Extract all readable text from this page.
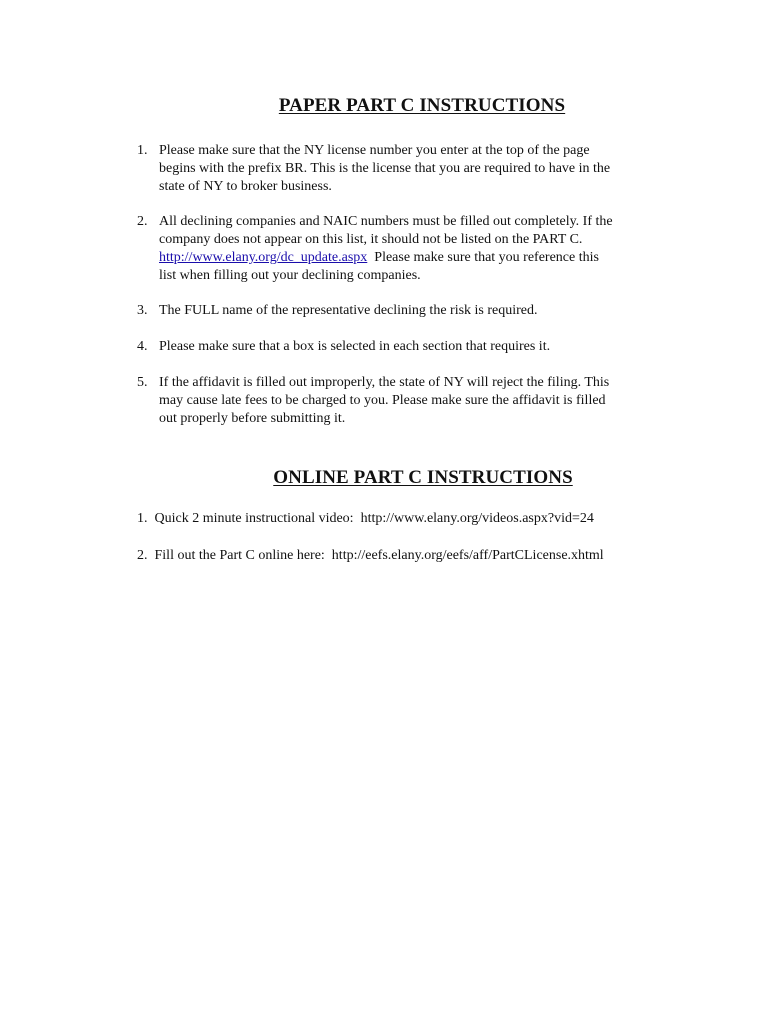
PAPER PART C INSTRUCTIONS
1. Please make sure that the NY license number you enter at the top of the page
begins with the prefix BR. This is the license that you are required to have in the
state of NY to broker business.
2. All declining companies and NAIC numbers must be filled out completely. If the
company does not appear on this list, it should not be listed on the PART C.
http://www.elany.org/dc_update.aspx  Please make sure that you reference this
list when filling out your declining companies.
3. The FULL name of the representative declining the risk is required.
4. Please make sure that a box is selected in each section that requires it.
5. If the affidavit is filled out improperly, the state of NY will reject the filing. This
may cause late fees to be charged to you. Please make sure the affidavit is filled
out properly before submitting it.
ONLINE PART C INSTRUCTIONS
1.  Quick 2 minute instructional video:  http://www.elany.org/videos.aspx?vid=24
2.  Fill out the Part C online here:  http://eefs.elany.org/eefs/aff/PartCLicense.xhtml
